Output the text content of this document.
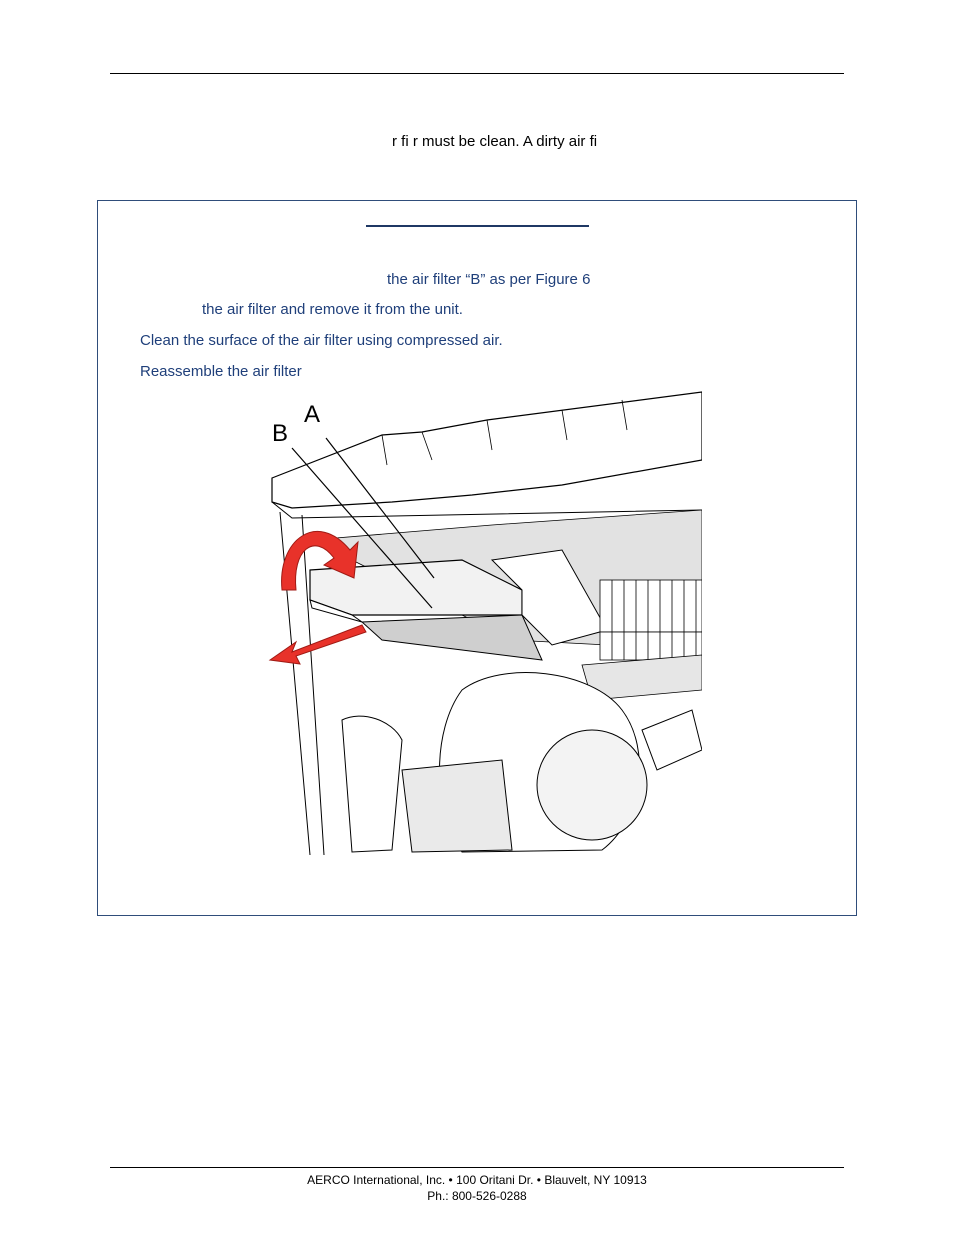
r fi r must be clean. A dirty air fi
the air filter “B” as per Figure 6
the air filter and remove it from the unit.
Clean the surface of the air filter using compressed air.
Reassemble the air filter
A
B
AERCO International, Inc. • 100 Oritani Dr. • Blauvelt, NY 10913
Ph.: 800-526-0288
